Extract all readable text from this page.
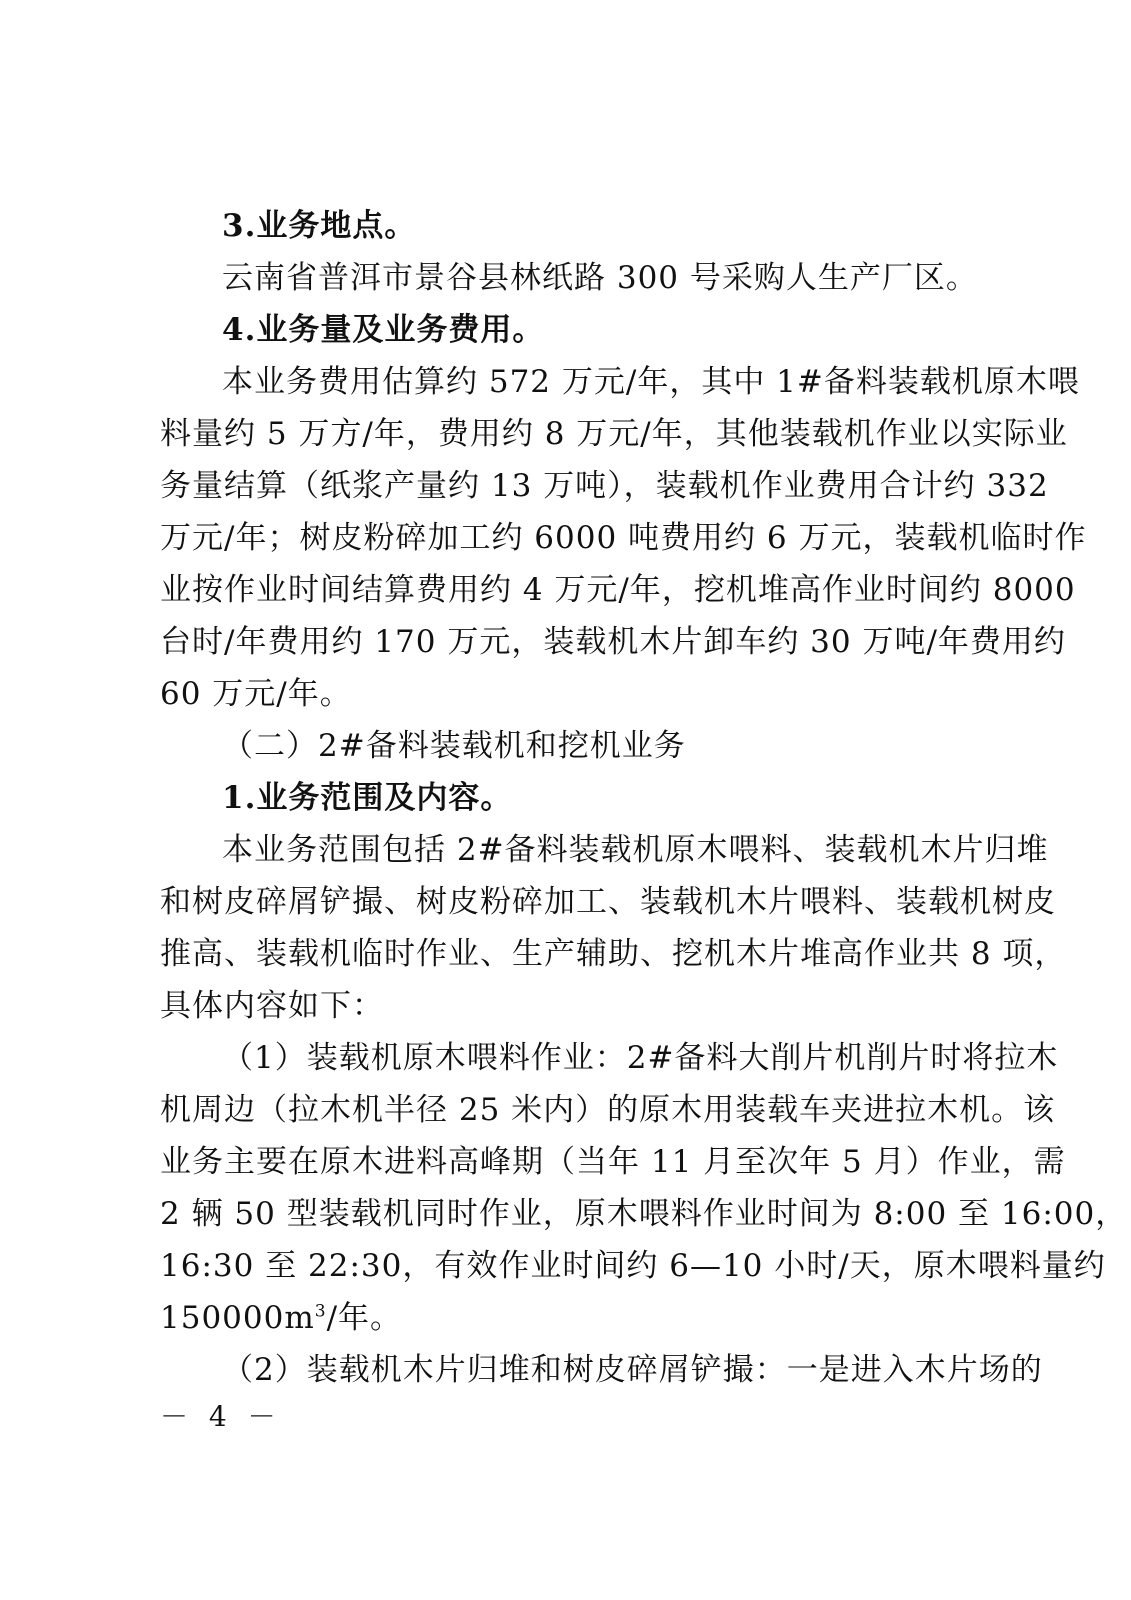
3.业务地点。
云南省普洱市景谷县林纸路 300 号采购人生产厂区。
4.业务量及业务费用。
本业务费用估算约 572 万元/年，其中 1#备料装载机原木喂
料量约 5 万方/年，费用约 8 万元/年，其他装载机作业以实际业
务量结算（纸浆产量约 13 万吨），装载机作业费用合计约 332
万元/年；树皮粉碎加工约 6000 吨费用约 6 万元，装载机临时作
业按作业时间结算费用约 4 万元/年，挖机堆高作业时间约 8000
台时/年费用约 170 万元，装载机木片卸车约 30 万吨/年费用约
60 万元/年。
（二）2#备料装载机和挖机业务
1.业务范围及内容。
本业务范围包括 2#备料装载机原木喂料、装载机木片归堆
和树皮碎屑铲撮、树皮粉碎加工、装载机木片喂料、装载机树皮
推高、装载机临时作业、生产辅助、挖机木片堆高作业共 8 项，
具体内容如下：
（1）装载机原木喂料作业：2#备料大削片机削片时将拉木
机周边（拉木机半径 25 米内）的原木用装载车夹进拉木机。该
业务主要在原木进料高峰期（当年 11 月至次年 5 月）作业，需
2 辆 50 型装载机同时作业，原木喂料作业时间为 8:00 至 16:00，
16:30 至 22:30，有效作业时间约 6—10 小时/天，原木喂料量约
$150000m^3/$年。
（2）装载机木片归堆和树皮碎屑铲撮：一是进入木片场的
－ 4 －
